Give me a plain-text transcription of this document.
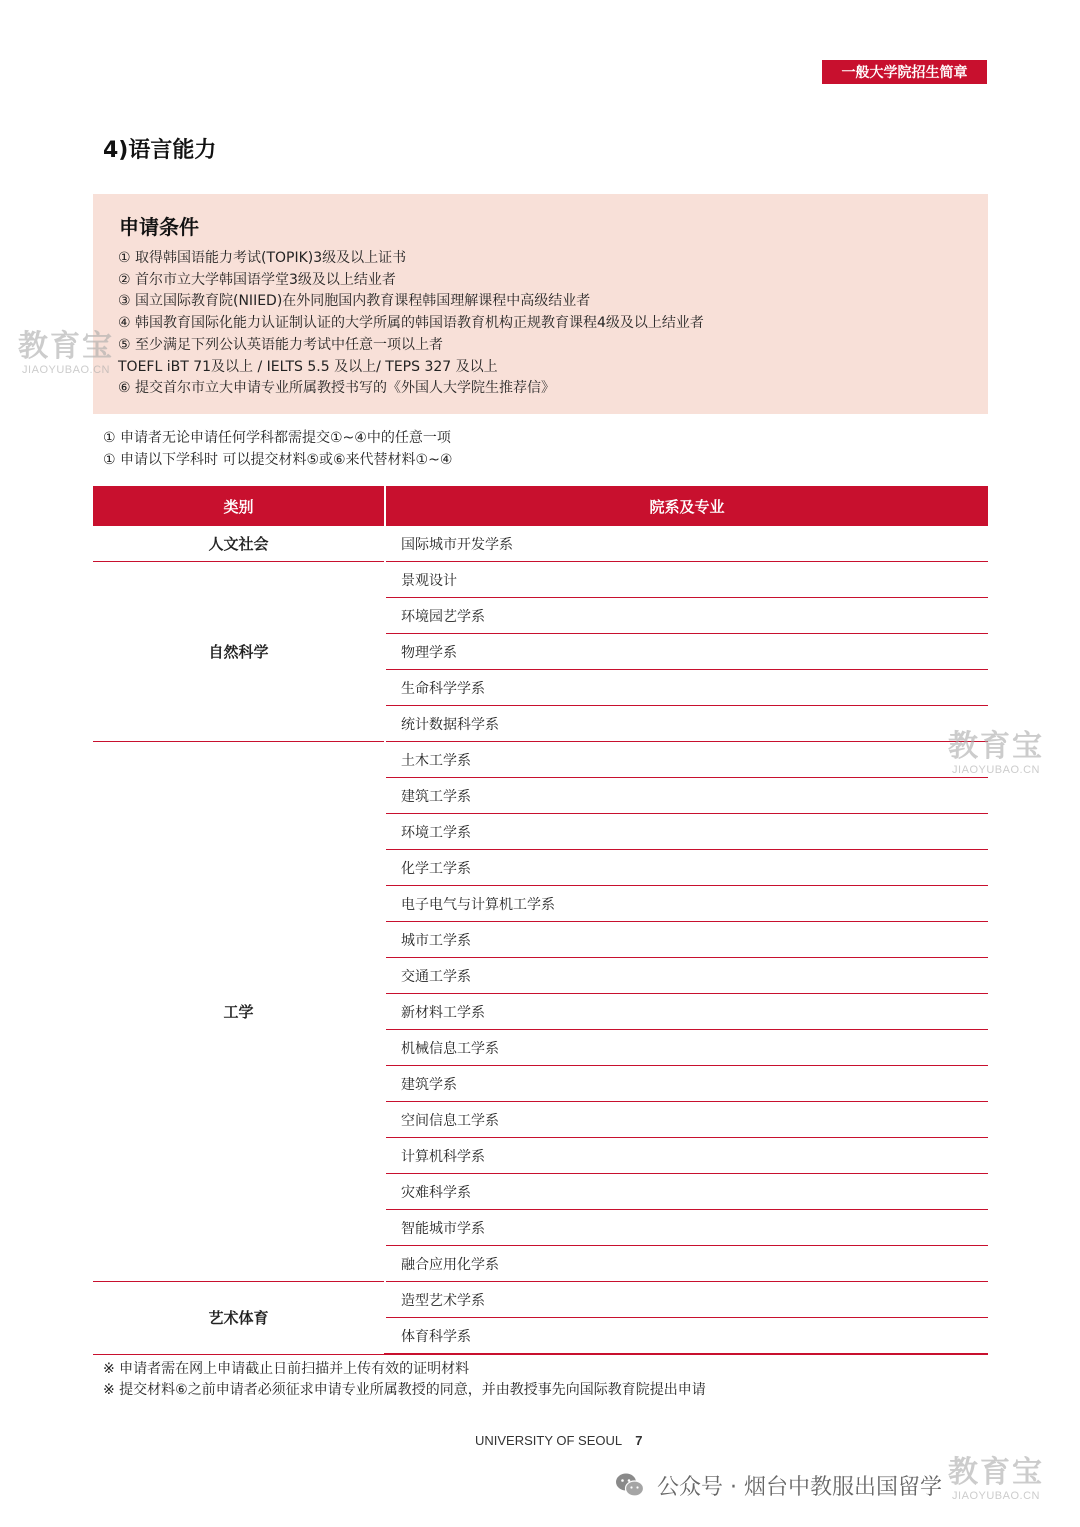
一般大学院招生简章
4)语言能力
申请条件
① 取得韩国语能力考试(TOPIK)3级及以上证书
② 首尔市立大学韩国语学堂3级及以上结业者
③ 国立国际教育院(NIIED)在外同胞国内教育课程韩国理解课程中高级结业者
④ 韩国教育国际化能力认证制认证的大学所属的韩国语教育机构正规教育课程4级及以上结业者
⑤ 至少满足下列公认英语能力考试中任意一项以上者
TOEFL iBT 71及以上 / IELTS 5.5 及以上/ TEPS 327 及以上
⑥ 提交首尔市立大申请专业所属教授书写的《外国人大学院生推荐信》
① 申请者无论申请任何学科都需提交①~④中的任意一项
① 申请以下学科时 可以提交材料⑤或⑥来代替材料①~④
类别	院系及专业
人文社会	国际城市开发学系
自然科学	景观设计
	环境园艺学系
	物理学系
	生命科学学系
	统计数据科学系
工学	土木工学系
	建筑工学系
	环境工学系
	化学工学系
	电子电气与计算机工学系
	城市工学系
	交通工学系
	新材料工学系
	机械信息工学系
	建筑学系
	空间信息工学系
	计算机科学系
	灾难科学系
	智能城市学系
	融合应用化学系
艺术体育	造型艺术学系
	体育科学系
※ 申请者需在网上申请截止日前扫描并上传有效的证明材料
※ 提交材料⑥之前申请者必须征求申请专业所属教授的同意，并由教授事先向国际教育院提出申请
UNIVERSITY OF SEOUL 7
公众号 · 烟台中教服出国留学
教育宝
JIAOYUBAO.CN
教育宝
JIAOYUBAO.CN
教育宝
JIAOYUBAO.CN
